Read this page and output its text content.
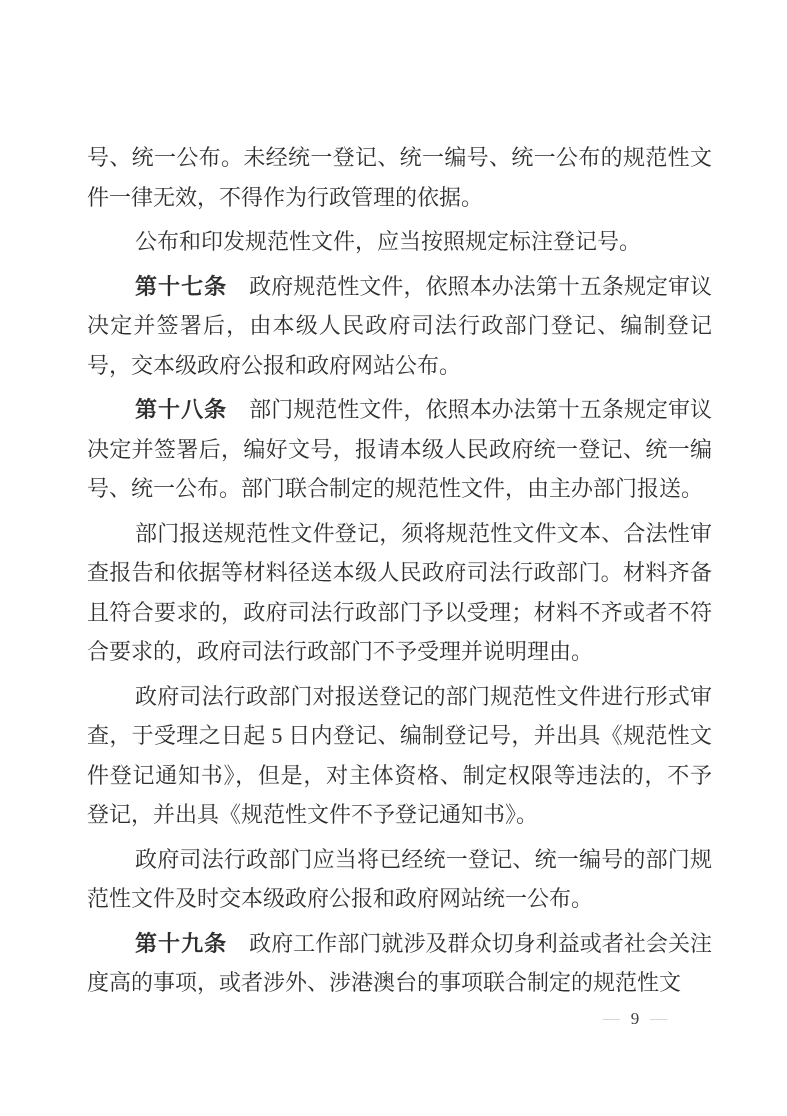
号、统一公布。未经统一登记、统一编号、统一公布的规范性文件一律无效，不得作为行政管理的依据。

公布和印发规范性文件，应当按照规定标注登记号。

第十七条 政府规范性文件，依照本办法第十五条规定审议决定并签署后，由本级人民政府司法行政部门登记、编制登记号，交本级政府公报和政府网站公布。

第十八条 部门规范性文件，依照本办法第十五条规定审议决定并签署后，编好文号，报请本级人民政府统一登记、统一编号、统一公布。部门联合制定的规范性文件，由主办部门报送。

部门报送规范性文件登记，须将规范性文件文本、合法性审查报告和依据等材料径送本级人民政府司法行政部门。材料齐备且符合要求的，政府司法行政部门予以受理；材料不齐或者不符合要求的，政府司法行政部门不予受理并说明理由。

政府司法行政部门对报送登记的部门规范性文件进行形式审查，于受理之日起 5 日内登记、编制登记号，并出具《规范性文件登记通知书》，但是，对主体资格、制定权限等违法的，不予登记，并出具《规范性文件不予登记通知书》。

政府司法行政部门应当将已经统一登记、统一编号的部门规范性文件及时交本级政府公报和政府网站统一公布。

第十九条 政府工作部门就涉及群众切身利益或者社会关注度高的事项，或者涉外、涉港澳台的事项联合制定的规范性文

— 9 —
